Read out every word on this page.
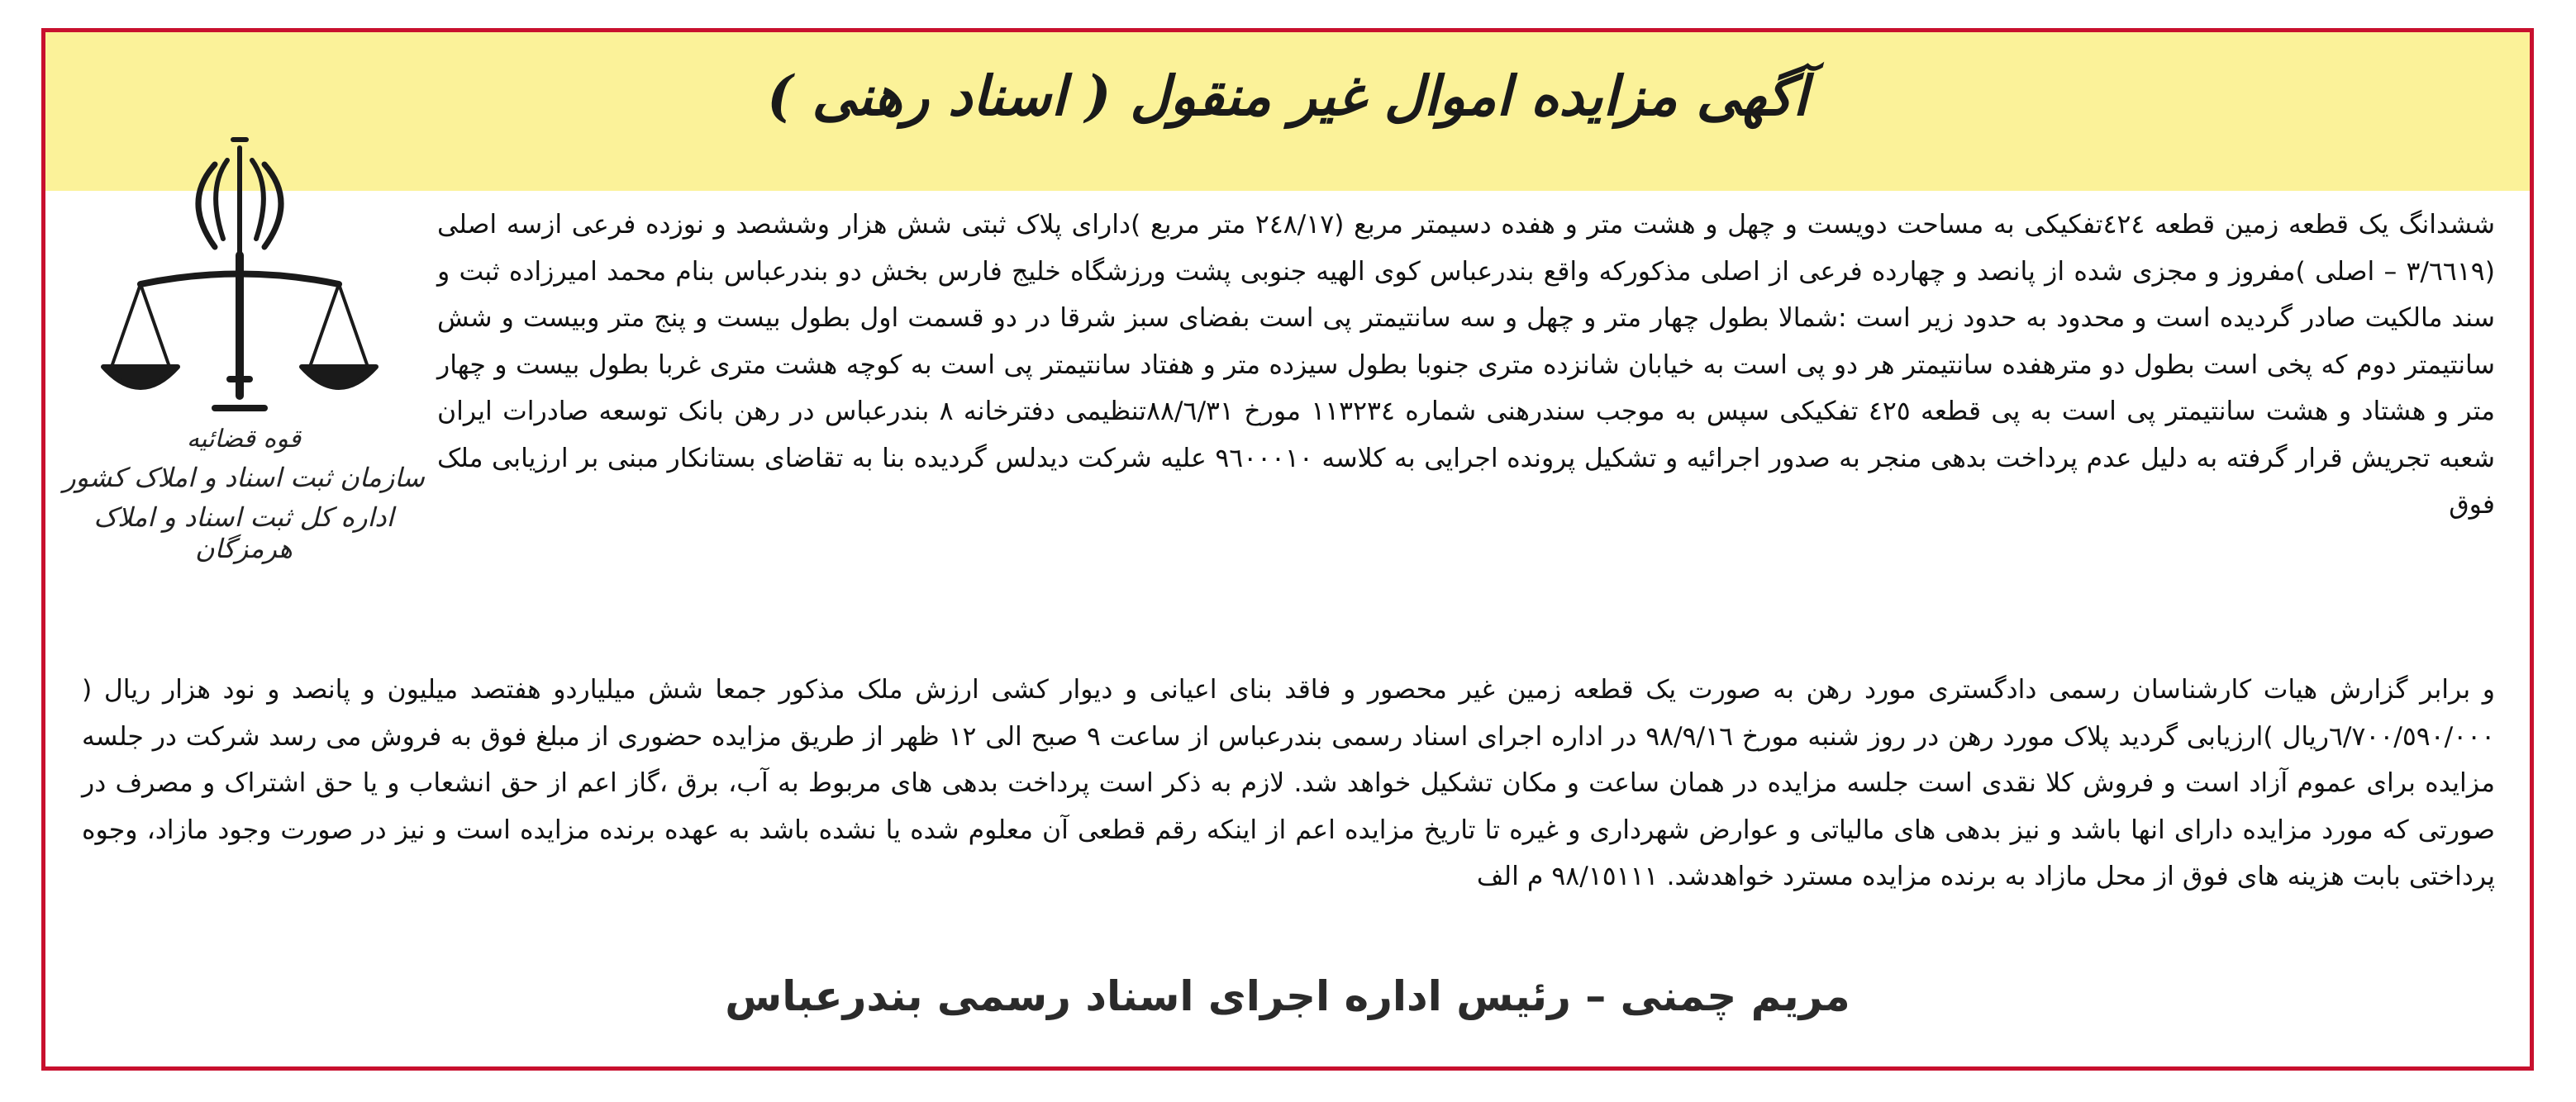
آگهی مزایده اموال غیر منقول ( اسناد رهنی )
قوه قضائیه
سازمان ثبت اسناد و املاک کشور
اداره کل ثبت اسناد و املاک هرمزگان

ششدانگ یک قطعه زمین قطعه ٤٢٤تفکیکی به مساحت دویست و چهل و هشت متر و هفده دسیمتر مربع (٢٤٨/١٧ متر مربع )دارای پلاک ثبتی شش هزار وششصد و نوزده فرعی ازسه اصلی (٣/٦٦١٩ – اصلی )مفروز و مجزی شده از پانصد و چهارده فرعی از اصلی مذکورکه واقع بندرعباس کوی الهیه جنوبی پشت ورزشگاه خلیج فارس بخش دو بندرعباس بنام محمد امیرزاده ثبت و سند مالکیت صادر گردیده است و محدود به حدود زیر است :شمالا بطول چهار متر و چهل و سه سانتیمتر پی است بفضای سبز شرقا در دو قسمت اول بطول بیست و پنج متر وبیست و شش سانتیمتر دوم که پخی است بطول دو مترهفده سانتیمتر هر دو پی است به خیابان شانزده متری جنوبا بطول سیزده متر و هفتاد سانتیمتر پی است به کوچه هشت متری غربا بطول بیست و چهار متر و هشتاد و هشت سانتیمتر پی است به پی قطعه ٤٢٥ تفکیکی سپس به موجب سندرهنی شماره ١١٣٢٣٤ مورخ ٨٨/٦/٣١تنظیمی دفترخانه ٨ بندرعباس در رهن بانک توسعه صادرات ایران شعبه تجریش قرار گرفته به دلیل عدم پرداخت بدهی منجر به صدور اجرائیه و تشکیل پرونده اجرایی به کلاسه ٩٦٠٠٠١٠ علیه شرکت دیدلس گردیده بنا به تقاضای بستانکار مبنی بر ارزیابی ملک فوق

و برابر گزارش هیات کارشناسان رسمی دادگستری مورد رهن به صورت یک قطعه زمین غیر محصور و فاقد بنای اعیانی و دیوار کشی ارزش ملک مذکور جمعا شش میلیاردو هفتصد میلیون و پانصد و نود هزار ریال ( ٦/٧٠٠/٥٩٠/٠٠٠ریال )ارزیابی گردید پلاک مورد رهن در روز شنبه مورخ ٩٨/٩/١٦ در اداره اجرای اسناد رسمی بندرعباس از ساعت ٩ صبح الی ١٢ ظهر از طریق مزایده حضوری از مبلغ فوق به فروش می رسد شرکت در جلسه مزایده برای عموم آزاد است و فروش کلا نقدی است جلسه مزایده در همان ساعت و مکان تشکیل خواهد شد. لازم به ذکر است پرداخت بدهی های مربوط به آب، برق ،گاز اعم از حق انشعاب و یا حق اشتراک و مصرف در صورتی که مورد مزایده دارای انها باشد و نیز بدهی های مالیاتی و عوارض شهرداری و غیره تا تاریخ مزایده اعم از اینکه رقم قطعی آن معلوم شده یا نشده باشد به عهده برنده مزایده است و نیز در صورت وجود مازاد، وجوه پرداختی بابت هزینه های فوق از محل مازاد به برنده مزایده مسترد خواهدشد. ٩٨/١٥١١١ م الف

مریم چمنی – رئیس اداره اجرای اسناد رسمی بندرعباس
